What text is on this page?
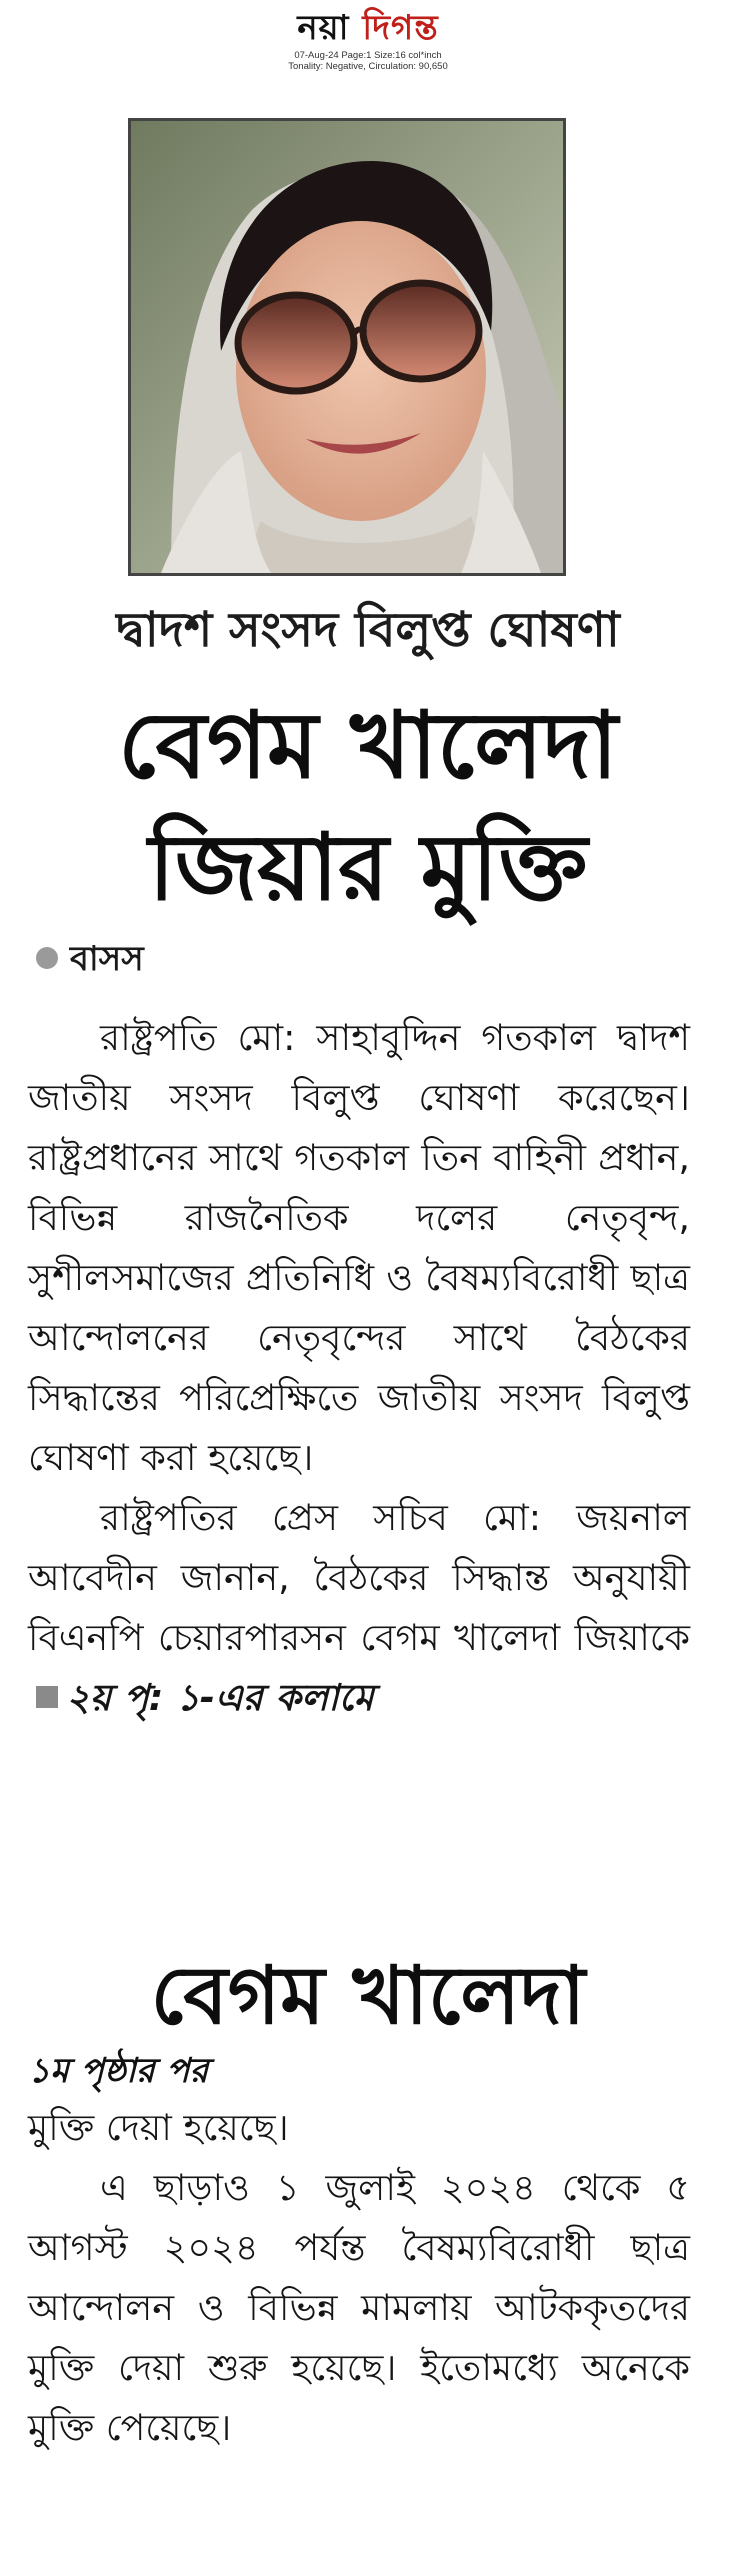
নয়া দিগন্ত
07-Aug-24 Page:1 Size:16 col*inch
Tonality: Negative, Circulation: 90,650
দ্বাদশ সংসদ বিলুপ্ত ঘোষণা
বেগম খালেদা
জিয়ার মুক্তি
বাসস

রাষ্ট্রপতি মো: সাহাবুদ্দিন গতকাল দ্বাদশ জাতীয় সংসদ বিলুপ্ত ঘোষণা করেছেন। রাষ্ট্রপ্রধানের সাথে গতকাল তিন বাহিনী প্রধান, বিভিন্ন রাজনৈতিক দলের নেতৃবৃন্দ, সুশীলসমাজের প্রতিনিধি ও বৈষম্যবিরোধী ছাত্র আন্দোলনের নেতৃবৃন্দের সাথে বৈঠকের সিদ্ধান্তের পরিপ্রেক্ষিতে জাতীয় সংসদ বিলুপ্ত ঘোষণা করা হয়েছে।

রাষ্ট্রপতির প্রেস সচিব মো: জয়নাল আবেদীন জানান, বৈঠকের সিদ্ধান্ত অনুযায়ী বিএনপি চেয়ারপারসন বেগম খালেদা জিয়াকে২য় পৃ: ১-এর কলামে

বেগম খালেদা
১ম পৃষ্ঠার পর

মুক্তি দেয়া হয়েছে।

এ ছাড়াও ১ জুলাই ২০২৪ থেকে ৫ আগস্ট ২০২৪ পর্যন্ত বৈষম্যবিরোধী ছাত্র আন্দোলন ও বিভিন্ন মামলায় আটককৃতদের মুক্তি দেয়া শুরু হয়েছে। ইতোমধ্যে অনেকে মুক্তি পেয়েছে।
